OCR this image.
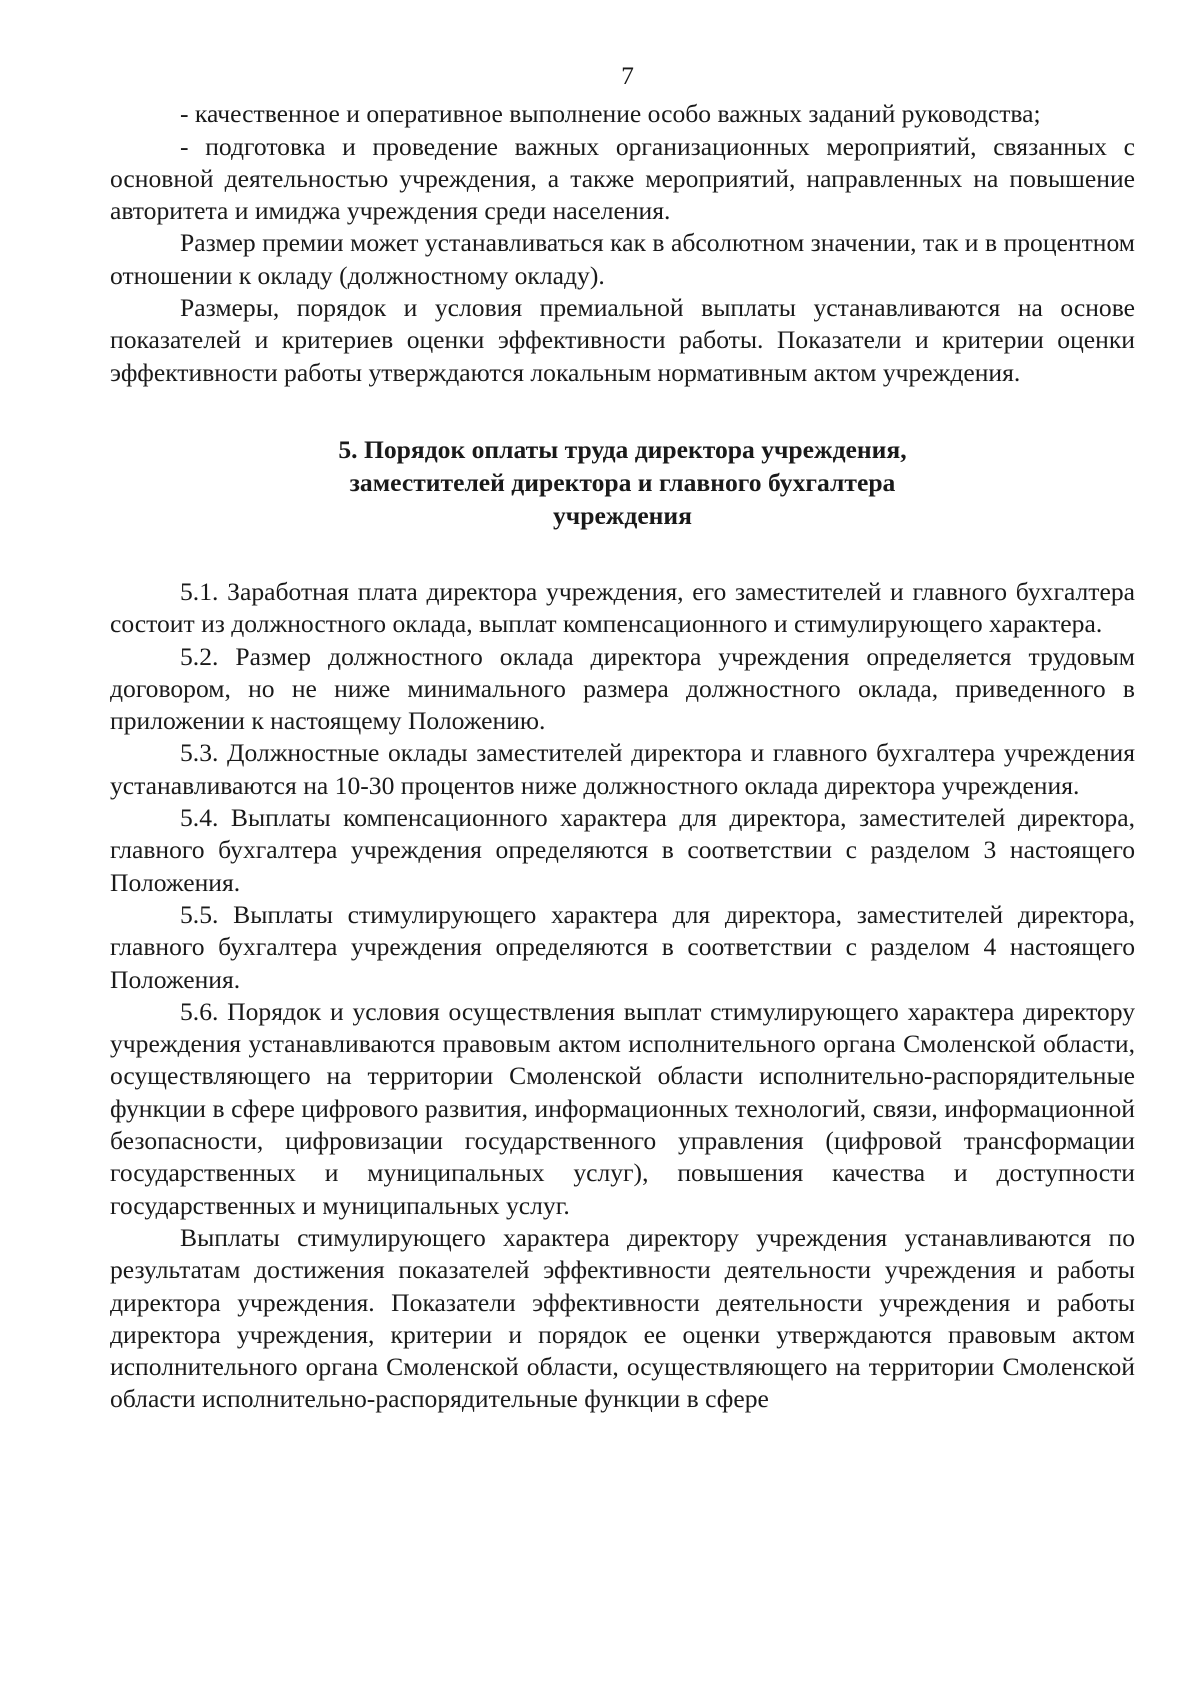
7

- качественное и оперативное выполнение особо важных заданий руководства;

- подготовка и проведение важных организационных мероприятий, связанных с основной деятельностью учреждения, а также мероприятий, направленных на повышение авторитета и имиджа учреждения среди населения.

Размер премии может устанавливаться как в абсолютном значении, так и в процентном отношении к окладу (должностному окладу).

Размеры, порядок и условия премиальной выплаты устанавливаются на основе показателей и критериев оценки эффективности работы. Показатели и критерии оценки эффективности работы утверждаются локальным нормативным актом учреждения.

5. Порядок оплаты труда директора учреждения,
заместителей директора и главного бухгалтера
учреждения

5.1. Заработная плата директора учреждения, его заместителей и главного бухгалтера состоит из должностного оклада, выплат компенсационного и стимулирующего характера.

5.2. Размер должностного оклада директора учреждения определяется трудовым договором, но не ниже минимального размера должностного оклада, приведенного в приложении к настоящему Положению.

5.3. Должностные оклады заместителей директора и главного бухгалтера учреждения устанавливаются на 10-30 процентов ниже должностного оклада директора учреждения.

5.4. Выплаты компенсационного характера для директора, заместителей директора, главного бухгалтера учреждения определяются в соответствии с разделом 3 настоящего Положения.

5.5. Выплаты стимулирующего характера для директора, заместителей директора, главного бухгалтера учреждения определяются в соответствии с разделом 4 настоящего Положения.

5.6. Порядок и условия осуществления выплат стимулирующего характера директору учреждения устанавливаются правовым актом исполнительного органа Смоленской области, осуществляющего на территории Смоленской области исполнительно-распорядительные функции в сфере цифрового развития, информационных технологий, связи, информационной безопасности, цифровизации государственного управления (цифровой трансформации государственных и муниципальных услуг), повышения качества и доступности государственных и муниципальных услуг.

Выплаты стимулирующего характера директору учреждения устанавливаются по результатам достижения показателей эффективности деятельности учреждения и работы директора учреждения. Показатели эффективности деятельности учреждения и работы директора учреждения, критерии и порядок ее оценки утверждаются правовым актом исполнительного органа Смоленской области, осуществляющего на территории Смоленской области исполнительно-распорядительные функции в сфере
